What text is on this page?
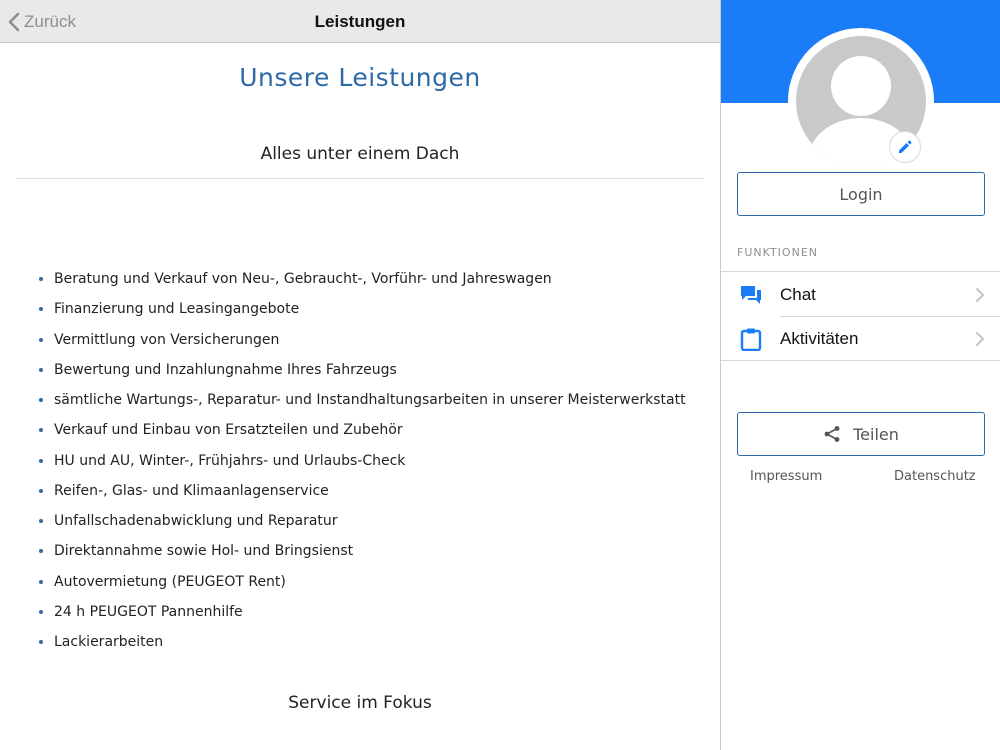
Zurück	Leistungen
Unsere Leistungen
Alles unter einem Dach
Beratung und Verkauf von Neu-, Gebraucht-, Vorführ- und Jahreswagen
Finanzierung und Leasingangebote
Vermittlung von Versicherungen
Bewertung und Inzahlungnahme Ihres Fahrzeugs
sämtliche Wartungs-, Reparatur- und Instandhaltungsarbeiten in unserer Meisterwerkstatt
Verkauf und Einbau von Ersatzteilen und Zubehör
HU und AU, Winter-, Frühjahrs- und Urlaubs-Check
Reifen-, Glas- und Klimaanlagenservice
Unfallschadenabwicklung und Reparatur
Direktannahme sowie Hol- und Bringsienst
Autovermietung (PEUGEOT Rent)
24 h PEUGEOT Pannenhilfe
Lackierarbeiten
Service im Fokus
Login
FUNKTIONEN
Chat
Aktivitäten
Teilen
Impressum	Datenschutz
